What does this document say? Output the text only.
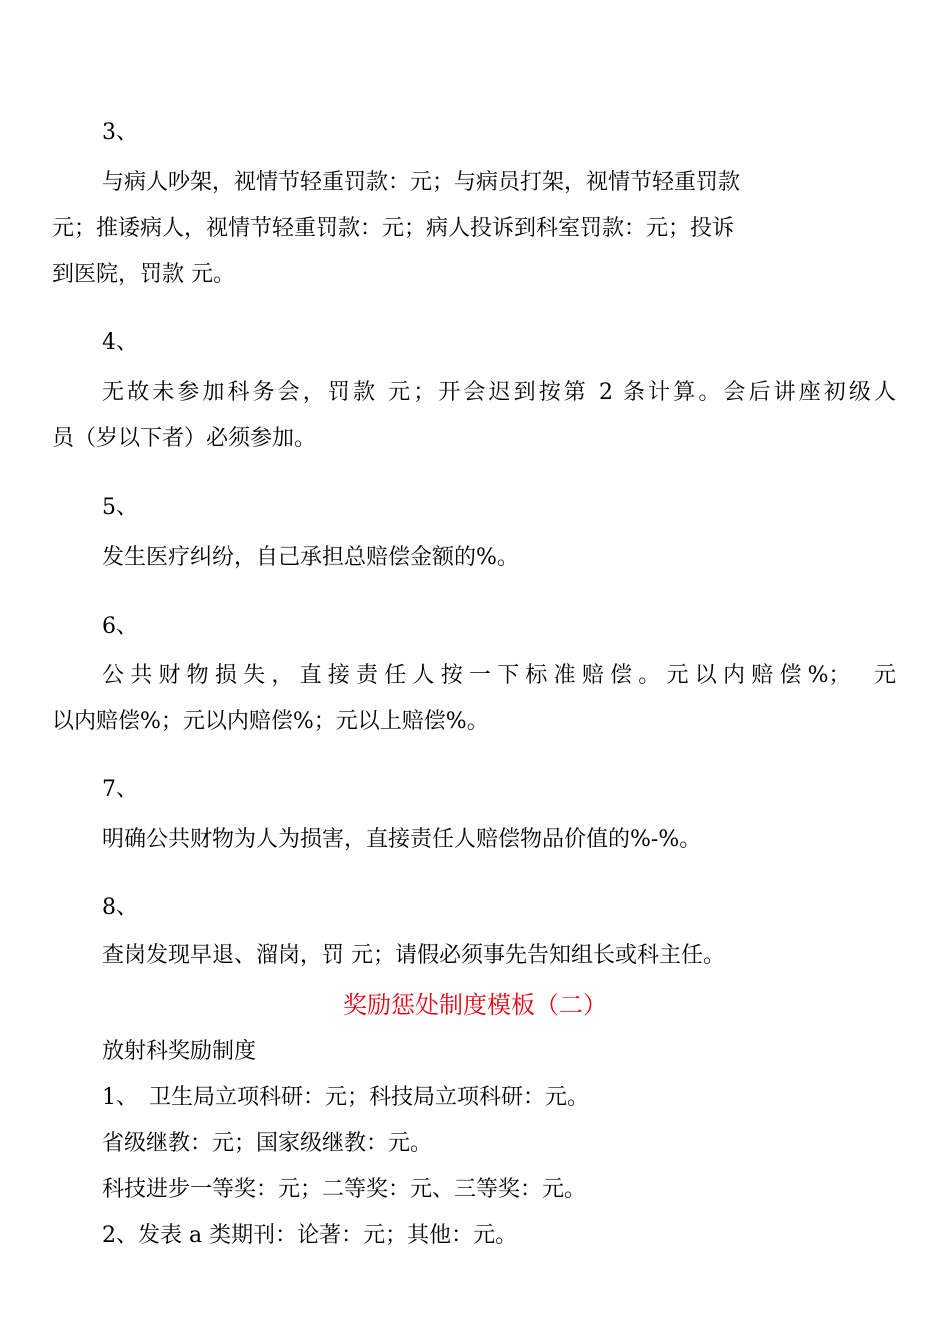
3、
与病人吵架，视情节轻重罚款：元；与病员打架，视情节轻重罚款
元；推诿病人，视情节轻重罚款：元；病人投诉到科室罚款：元；投诉
到医院，罚款 元。
4、
无故未参加科务会，罚款 元；开会迟到按第 2 条计算。会后讲座初级人
员（岁以下者）必须参加。
5、
发生医疗纠纷，自己承担总赔偿金额的%。
6、
公共财物损失，直接责任人按一下标准赔偿。元以内赔偿%；　元
以内赔偿%；元以内赔偿%；元以上赔偿%。
7、
明确公共财物为人为损害，直接责任人赔偿物品价值的%-%。
8、
查岗发现早退、溜岗，罚 元；请假必须事先告知组长或科主任。
奖励惩处制度模板（二）
放射科奖励制度
1、　卫生局立项科研：元；科技局立项科研：元。
省级继教：元；国家级继教：元。
科技进步一等奖：元；二等奖：元、三等奖：元。
2、发表 a 类期刊：论著：元；其他：元。
